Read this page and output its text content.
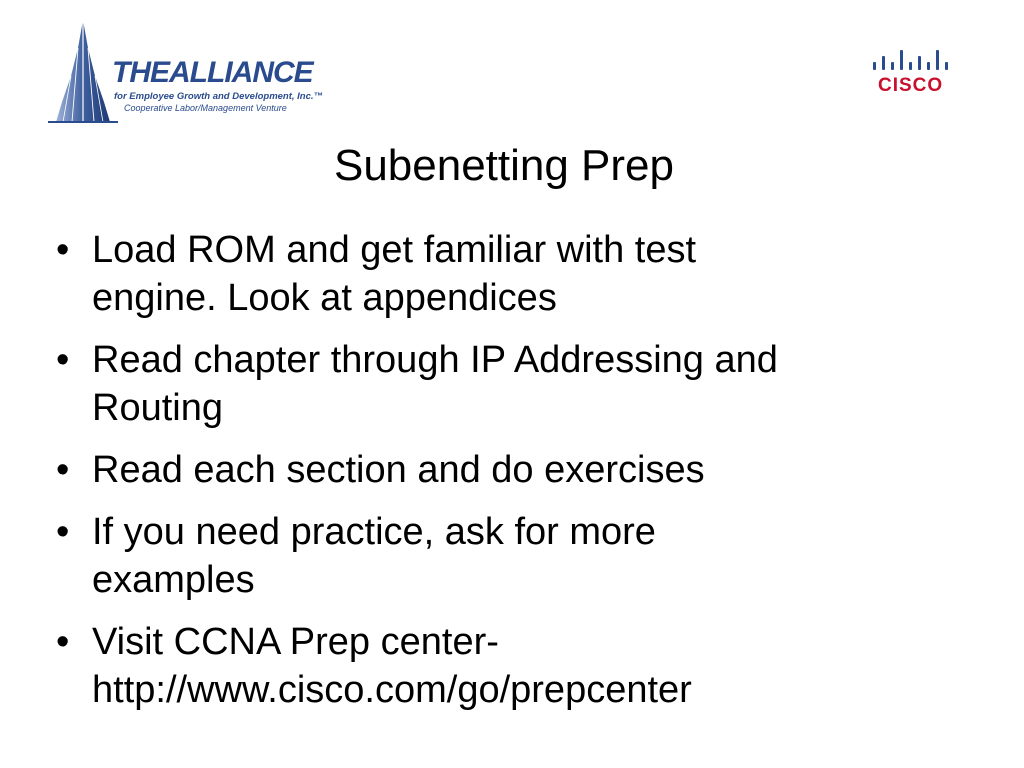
THEALLIANCE
for Employee Growth and Development, Inc.™
Cooperative Labor/Management Venture
CISCO
Subenetting Prep
• Load ROM and get familiar with test
engine. Look at appendices
• Read chapter through IP Addressing and
Routing
• Read each section and do exercises
• If you need practice, ask for more
examples
• Visit CCNA Prep center-
http://www.cisco.com/go/prepcenter
